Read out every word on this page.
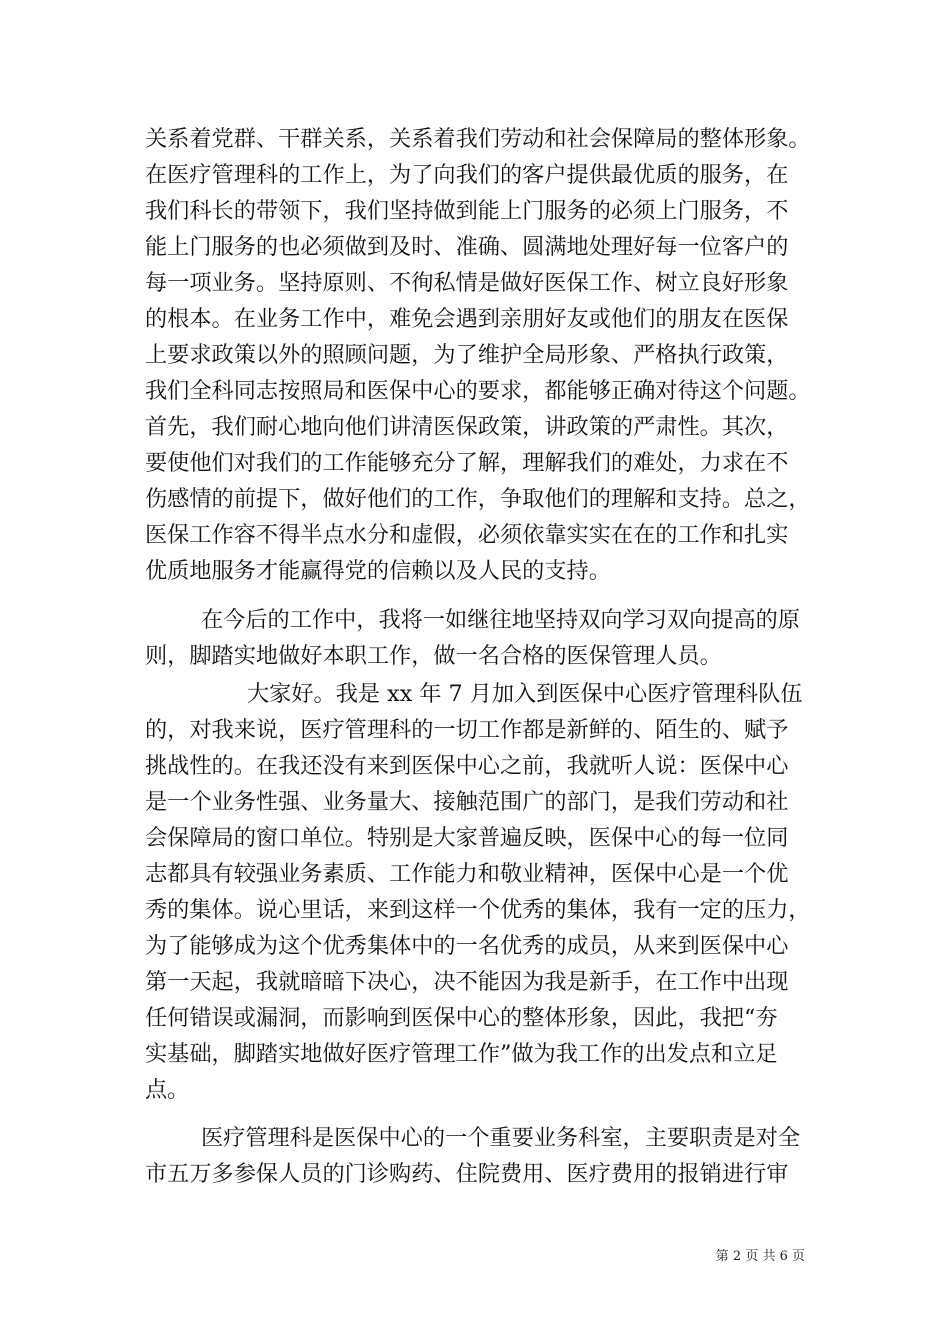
关系着党群、干群关系，关系着我们劳动和社会保障局的整体形象。
在医疗管理科的工作上，为了向我们的客户提供最优质的服务，在
我们科长的带领下，我们坚持做到能上门服务的必须上门服务，不
能上门服务的也必须做到及时、准确、圆满地处理好每一位客户的
每一项业务。坚持原则、不徇私情是做好医保工作、树立良好形象
的根本。在业务工作中，难免会遇到亲朋好友或他们的朋友在医保
上要求政策以外的照顾问题，为了维护全局形象、严格执行政策，
我们全科同志按照局和医保中心的要求，都能够正确对待这个问题。
首先，我们耐心地向他们讲清医保政策，讲政策的严肃性。其次，
要使他们对我们的工作能够充分了解，理解我们的难处，力求在不
伤感情的前提下，做好他们的工作，争取他们的理解和支持。总之，
医保工作容不得半点水分和虚假，必须依靠实实在在的工作和扎实
优质地服务才能赢得党的信赖以及人民的支持。
在今后的工作中，我将一如继往地坚持双向学习双向提高的原
则，脚踏实地做好本职工作，做一名合格的医保管理人员。
大家好。我是 xx 年 7 月加入到医保中心医疗管理科队伍
的，对我来说，医疗管理科的一切工作都是新鲜的、陌生的、赋予
挑战性的。在我还没有来到医保中心之前，我就听人说：医保中心
是一个业务性强、业务量大、接触范围广的部门，是我们劳动和社
会保障局的窗口单位。特别是大家普遍反映，医保中心的每一位同
志都具有较强业务素质、工作能力和敬业精神，医保中心是一个优
秀的集体。说心里话，来到这样一个优秀的集体，我有一定的压力，
为了能够成为这个优秀集体中的一名优秀的成员，从来到医保中心
第一天起，我就暗暗下决心，决不能因为我是新手，在工作中出现
任何错误或漏洞，而影响到医保中心的整体形象，因此，我把“夯
实基础，脚踏实地做好医疗管理工作”做为我工作的出发点和立足
点。
医疗管理科是医保中心的一个重要业务科室，主要职责是对全
市五万多参保人员的门诊购药、住院费用、医疗费用的报销进行审
第 2 页 共 6 页
